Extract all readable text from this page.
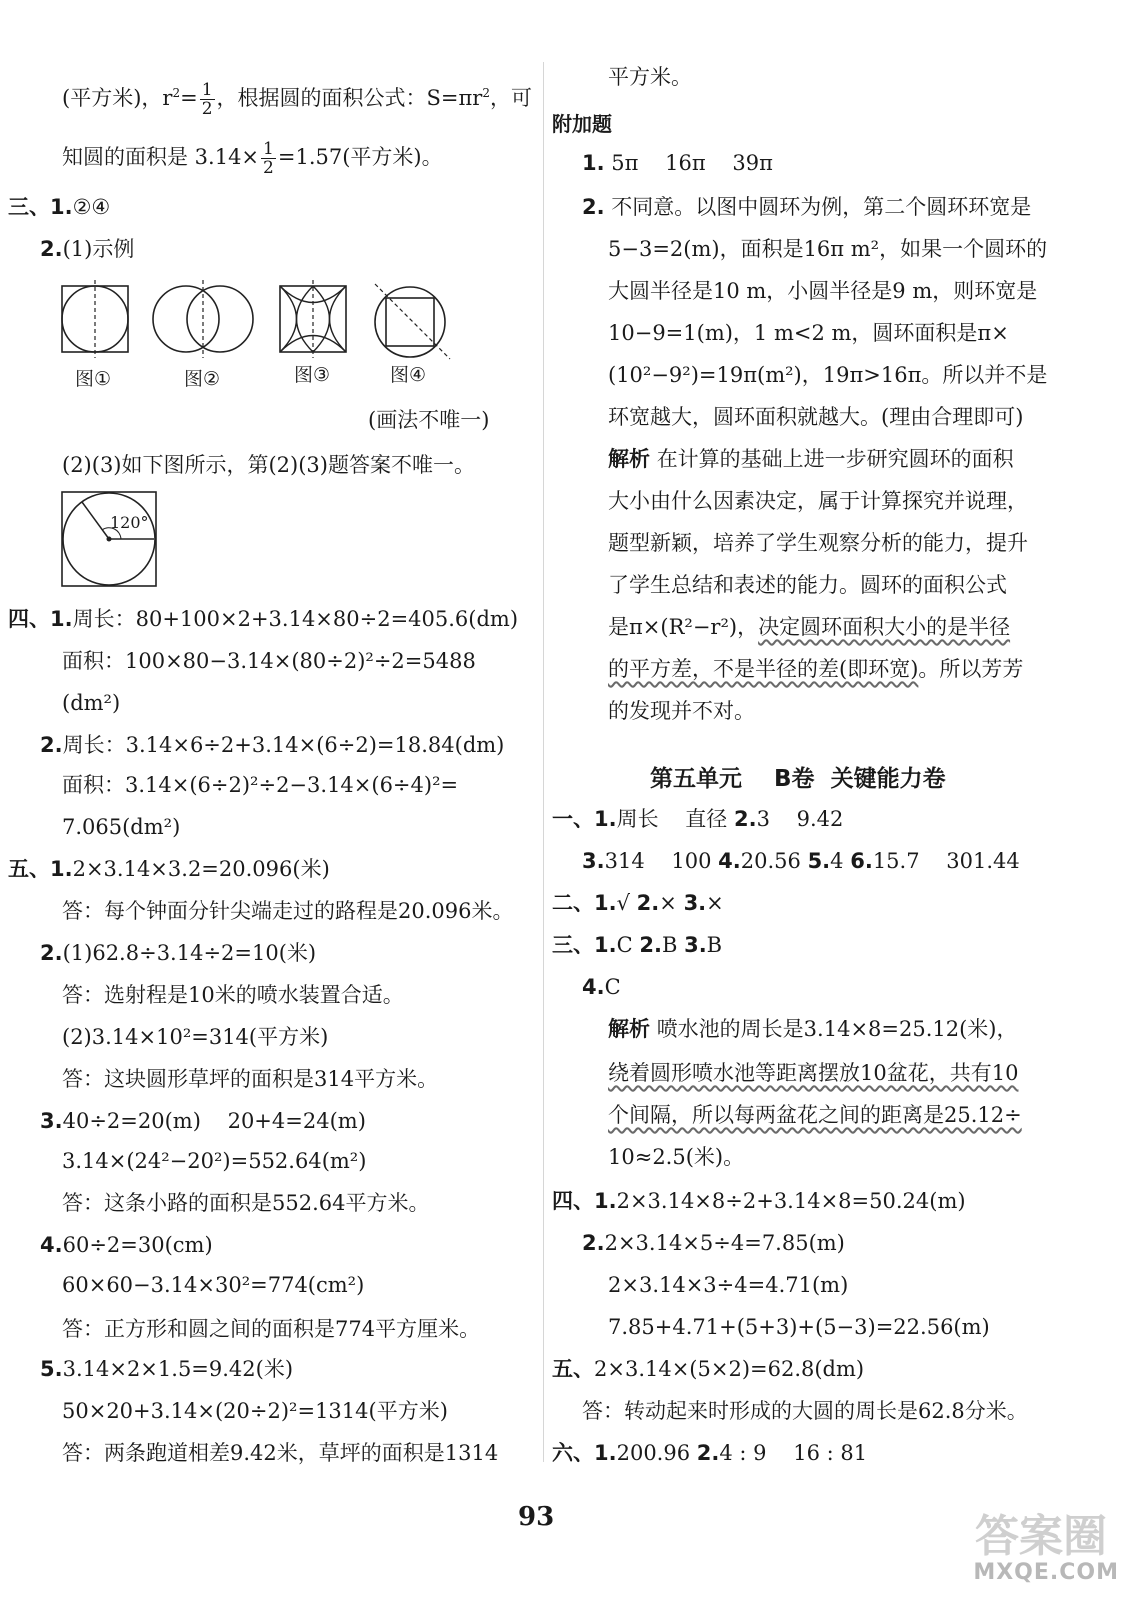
(平方米)，$r^2= \frac{1}{2}$ ，根据圆的面积公式：$S=\pi r^2$，可
知圆的面积是 $3.14\times \frac{1}{2} =1.57$(平方米)。
三、1.②④
2.(1)示例
图①	图②	图③	图④
(画法不唯一)
(2)(3)如下图所示，第(2)(3)题答案不唯一。
120°
四、1.周长：80+100×2+3.14×80÷2=405.6(dm)
面积：100×80−3.14×(80÷2)²÷2=5488
(dm²)
2.周长：3.14×6÷2+3.14×(6÷2)=18.84(dm)
面积：3.14×(6÷2)²÷2−3.14×(6÷4)²=
7.065(dm²)
五、1.2×3.14×3.2=20.096(米)
答：每个钟面分针尖端走过的路程是20.096米。
2.(1)62.8÷3.14÷2=10(米)
答：选射程是10米的喷水装置合适。
(2)3.14×10²=314(平方米)
答：这块圆形草坪的面积是314平方米。
3.40÷2=20(m)    20+4=24(m)
3.14×(24²−20²)=552.64(m²)
答：这条小路的面积是552.64平方米。
4.60÷2=30(cm)
60×60−3.14×30²=774(cm²)
答：正方形和圆之间的面积是774平方厘米。
5.3.14×2×1.5=9.42(米)
50×20+3.14×(20÷2)²=1314(平方米)
答：两条跑道相差9.42米，草坪的面积是1314
平方米。
附加题
1. 5π    16π    39π
2. 不同意。以图中圆环为例，第二个圆环环宽是
5−3=2(m)，面积是16π m²，如果一个圆环的
大圆半径是10 m，小圆半径是9 m，则环宽是
10−9=1(m)，1 m<2 m，圆环面积是π×
(10²−9²)=19π(m²)，19π>16π。所以并不是
环宽越大，圆环面积就越大。(理由合理即可)
解析 在计算的基础上进一步研究圆环的面积
大小由什么因素决定，属于计算探究并说理，
题型新颖，培养了学生观察分析的能力，提升
了学生总结和表述的能力。圆环的面积公式
是π×(R²−r²)，决定圆环面积大小的是半径
的平方差，不是半径的差(即环宽)。所以芳芳
的发现并不对。
第五单元    B卷  关键能力卷
一、1.周长    直径 2.3    9.42
3.314    100 4.20.56 5.4 6.15.7    301.44
二、1.√ 2.× 3.×
三、1.C 2.B 3.B
4.C
解析 喷水池的周长是3.14×8=25.12(米)，
绕着圆形喷水池等距离摆放10盆花，共有10
个间隔，所以每两盆花之间的距离是25.12÷
10≈2.5(米)。
四、1.2×3.14×8÷2+3.14×8=50.24(m)
2.2×3.14×5÷4=7.85(m)
2×3.14×3÷4=4.71(m)
7.85+4.71+(5+3)+(5−3)=22.56(m)
五、2×3.14×(5×2)=62.8(dm)
答：转动起来时形成的大圆的周长是62.8分米。
六、1.200.96 2.4 : 9    16 : 81
93	答案圈
MXQE.COM
